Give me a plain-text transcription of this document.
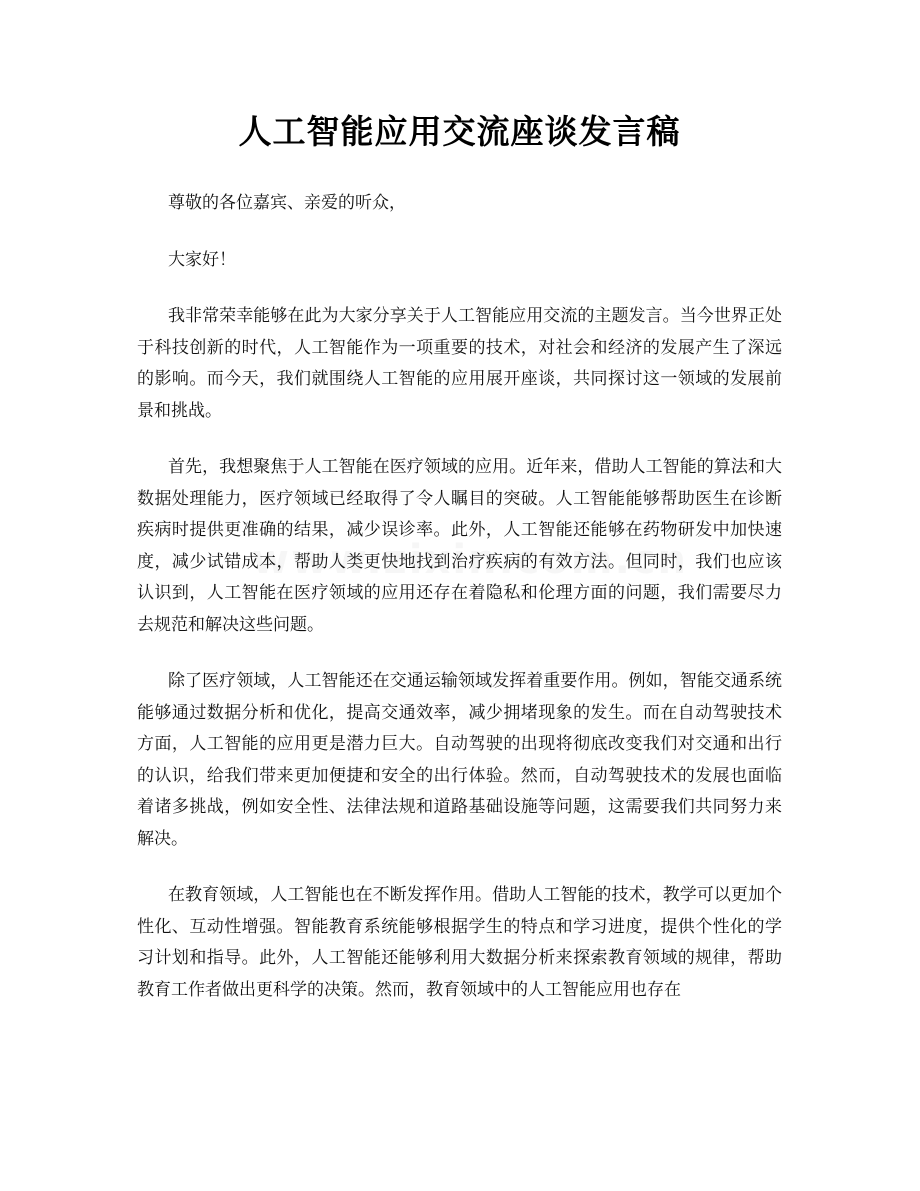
人工智能应用交流座谈发言稿

尊敬的各位嘉宾、亲爱的听众，

大家好！

我非常荣幸能够在此为大家分享关于人工智能应用交流的主题发言。当今世界正处于科技创新的时代，人工智能作为一项重要的技术，对社会和经济的发展产生了深远的影响。而今天，我们就围绕人工智能的应用展开座谈，共同探讨这一领域的发展前景和挑战。

首先，我想聚焦于人工智能在医疗领域的应用。近年来，借助人工智能的算法和大数据处理能力，医疗领域已经取得了令人瞩目的突破。人工智能能够帮助医生在诊断疾病时提供更准确的结果，减少误诊率。此外，人工智能还能够在药物研发中加快速度，减少试错成本，帮助人类更快地找到治疗疾病的有效方法。但同时，我们也应该认识到，人工智能在医疗领域的应用还存在着隐私和伦理方面的问题，我们需要尽力去规范和解决这些问题。

除了医疗领域，人工智能还在交通运输领域发挥着重要作用。例如，智能交通系统能够通过数据分析和优化，提高交通效率，减少拥堵现象的发生。而在自动驾驶技术方面，人工智能的应用更是潜力巨大。自动驾驶的出现将彻底改变我们对交通和出行的认识，给我们带来更加便捷和安全的出行体验。然而，自动驾驶技术的发展也面临着诸多挑战，例如安全性、法律法规和道路基础设施等问题，这需要我们共同努力来解决。

在教育领域，人工智能也在不断发挥作用。借助人工智能的技术，教学可以更加个性化、互动性增强。智能教育系统能够根据学生的特点和学习进度，提供个性化的学习计划和指导。此外，人工智能还能够利用大数据分析来探索教育领域的规律，帮助教育工作者做出更科学的决策。然而，教育领域中的人工智能应用也存在
